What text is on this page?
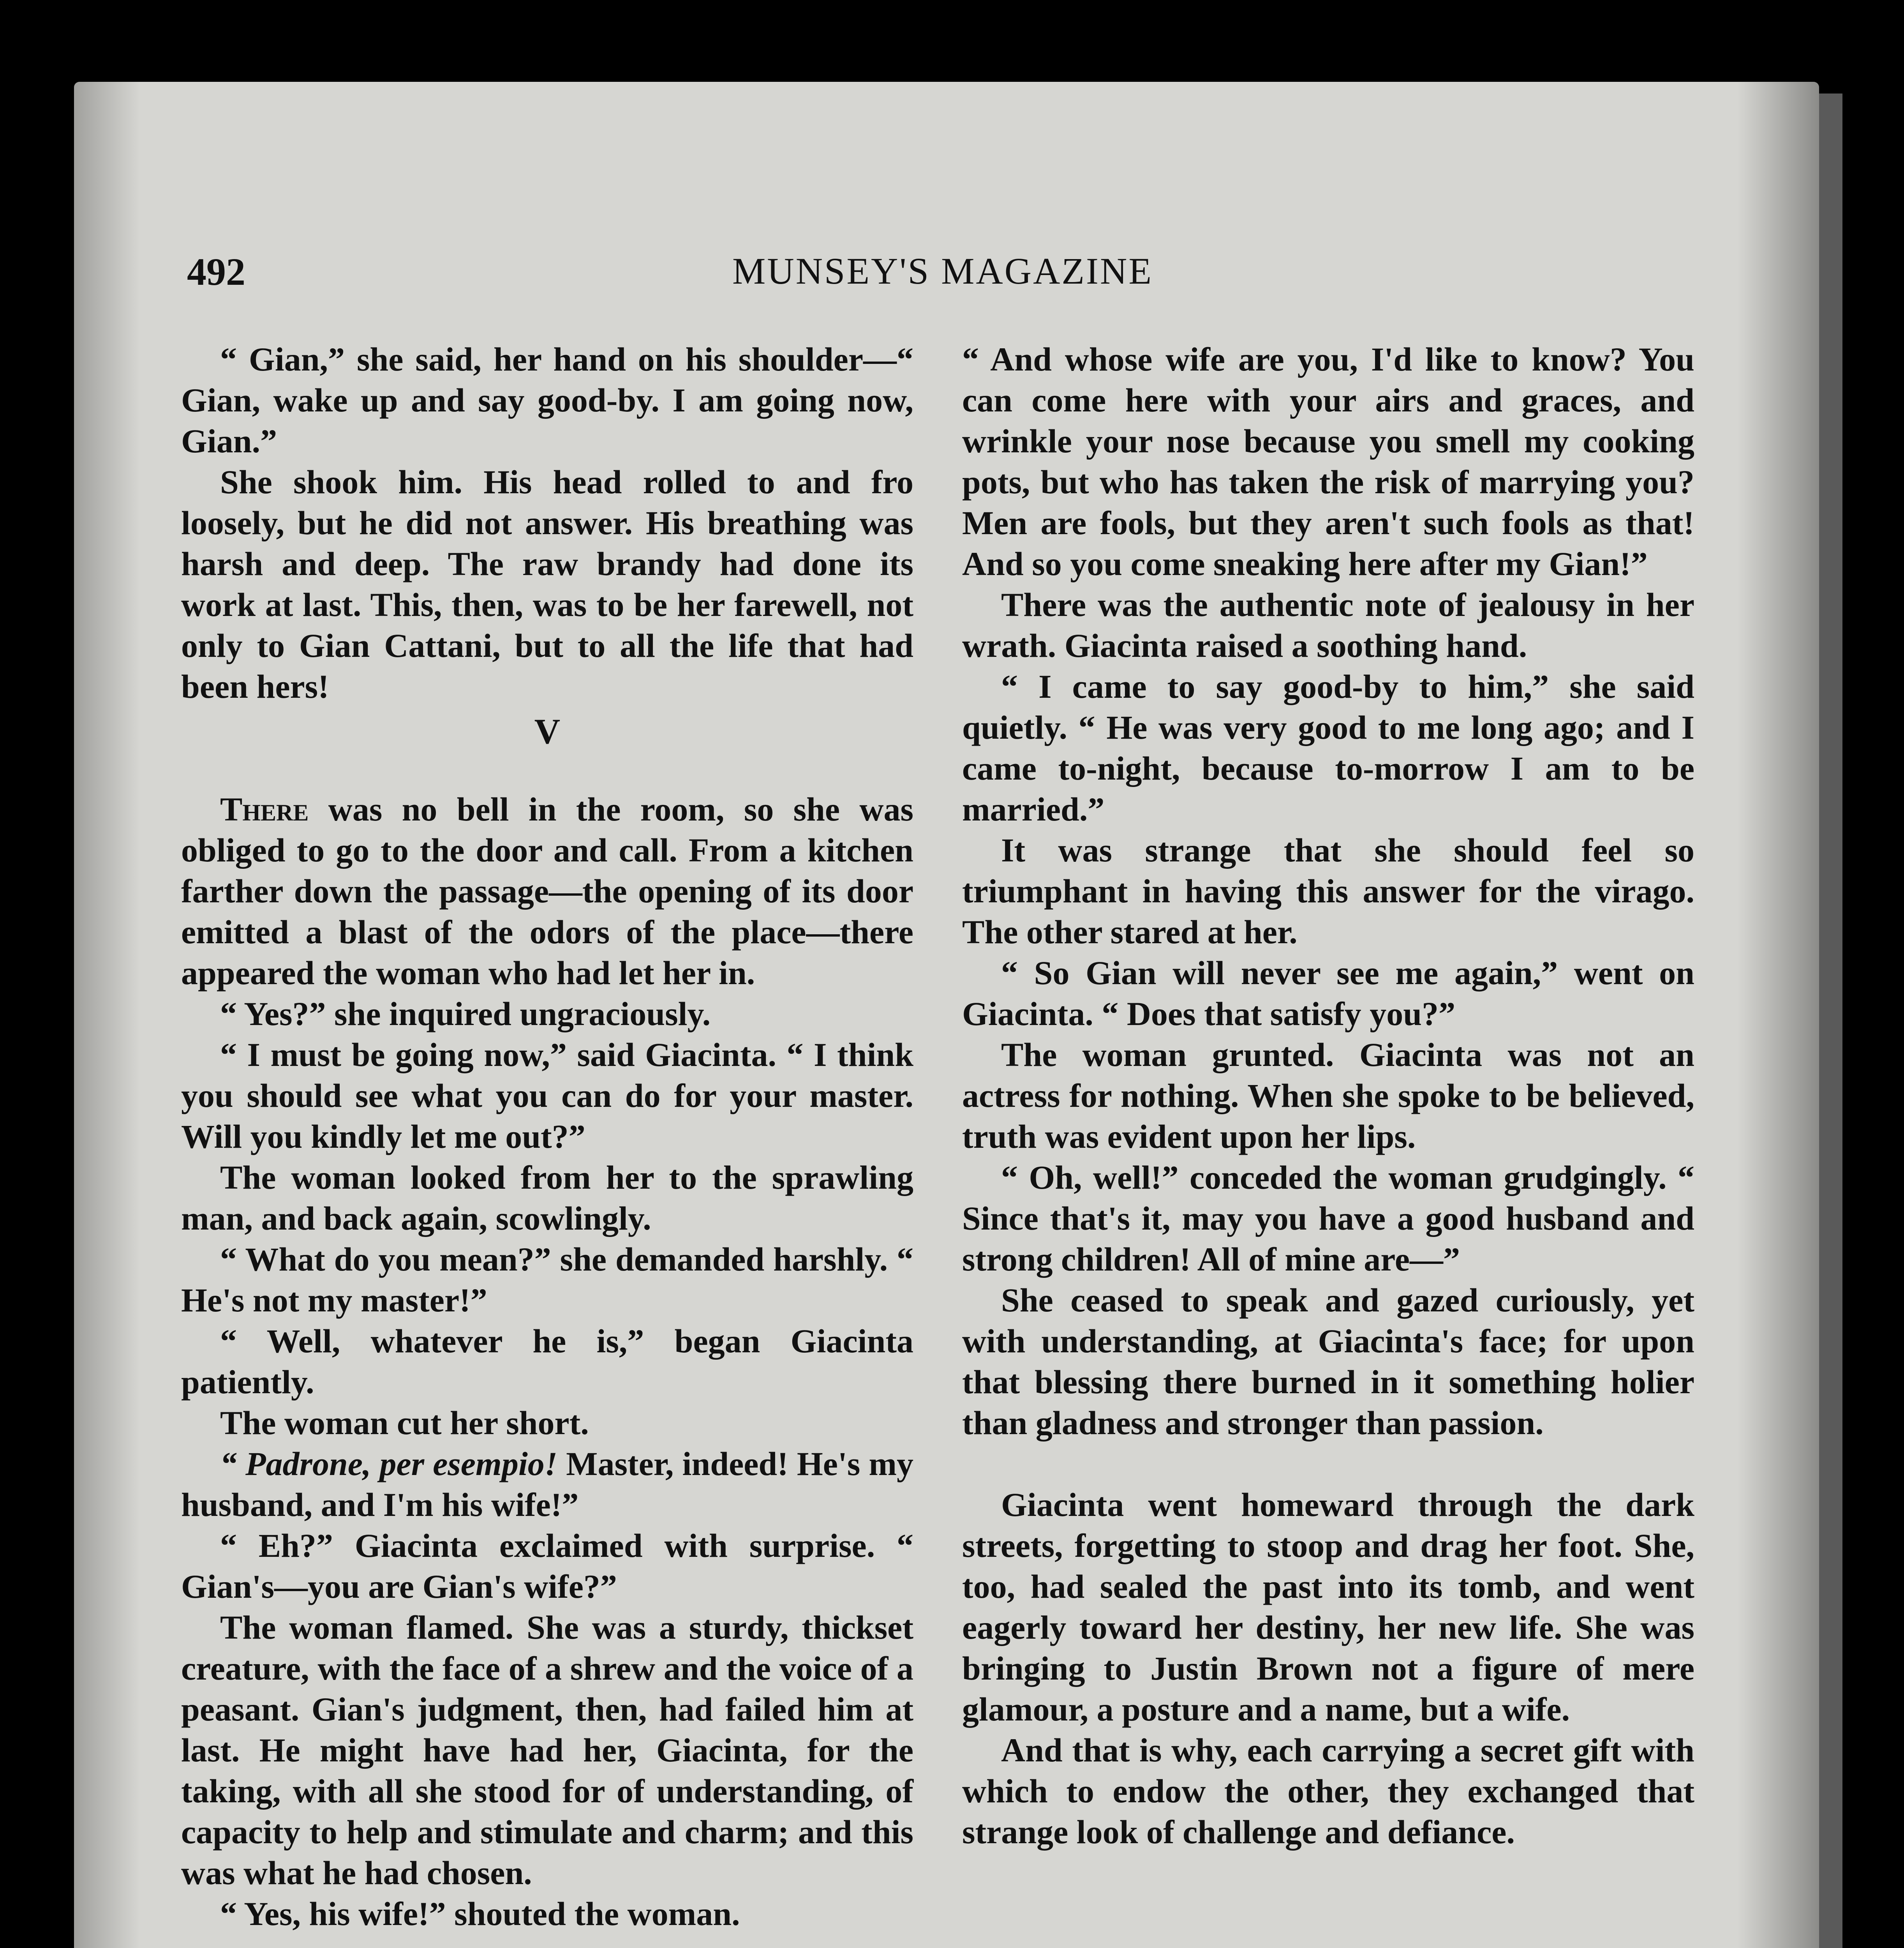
492	MUNSEY'S MAGAZINE

“ Gian,” she said, her hand on his shoulder—“ Gian, wake up and say good-by. I am going now, Gian.”

She shook him. His head rolled to and fro loosely, but he did not answer. His breathing was harsh and deep. The raw brandy had done its work at last. This, then, was to be her farewell, not only to Gian Cattani, but to all the life that had been hers!

V

There was no bell in the room, so she was obliged to go to the door and call. From a kitchen farther down the passage—the opening of its door emitted a blast of the odors of the place—there appeared the woman who had let her in.

“ Yes?” she inquired ungraciously.

“ I must be going now,” said Giacinta. “ I think you should see what you can do for your master. Will you kindly let me out?”

The woman looked from her to the sprawling man, and back again, scowlingly.

“ What do you mean?” she demanded harshly. “ He's not my master!”

“ Well, whatever he is,” began Giacinta patiently.

The woman cut her short.

“ Padrone, per esempio! Master, indeed! He's my husband, and I'm his wife!”

“ Eh?” Giacinta exclaimed with surprise. “ Gian's—you are Gian's wife?”

The woman flamed. She was a sturdy, thickset creature, with the face of a shrew and the voice of a peasant. Gian's judgment, then, had failed him at last. He might have had her, Giacinta, for the taking, with all she stood for of understanding, of capacity to help and stimulate and charm; and this was what he had chosen.

“ Yes, his wife!” shouted the woman.

“ And whose wife are you, I'd like to know? You can come here with your airs and graces, and wrinkle your nose because you smell my cooking pots, but who has taken the risk of marrying you? Men are fools, but they aren't such fools as that! And so you come sneaking here after my Gian!”

There was the authentic note of jealousy in her wrath. Giacinta raised a soothing hand.

“ I came to say good-by to him,” she said quietly. “ He was very good to me long ago; and I came to-night, because to-morrow I am to be married.”

It was strange that she should feel so triumphant in having this answer for the virago. The other stared at her.

“ So Gian will never see me again,” went on Giacinta. “ Does that satisfy you?”

The woman grunted. Giacinta was not an actress for nothing. When she spoke to be believed, truth was evident upon her lips.

“ Oh, well!” conceded the woman grudgingly. “ Since that's it, may you have a good husband and strong children! All of mine are—”

She ceased to speak and gazed curiously, yet with understanding, at Giacinta's face; for upon that blessing there burned in it something holier than gladness and stronger than passion.

Giacinta went homeward through the dark streets, forgetting to stoop and drag her foot. She, too, had sealed the past into its tomb, and went eagerly toward her destiny, her new life. She was bringing to Justin Brown not a figure of mere glamour, a posture and a name, but a wife.

And that is why, each carrying a secret gift with which to endow the other, they exchanged that strange look of challenge and defiance.
